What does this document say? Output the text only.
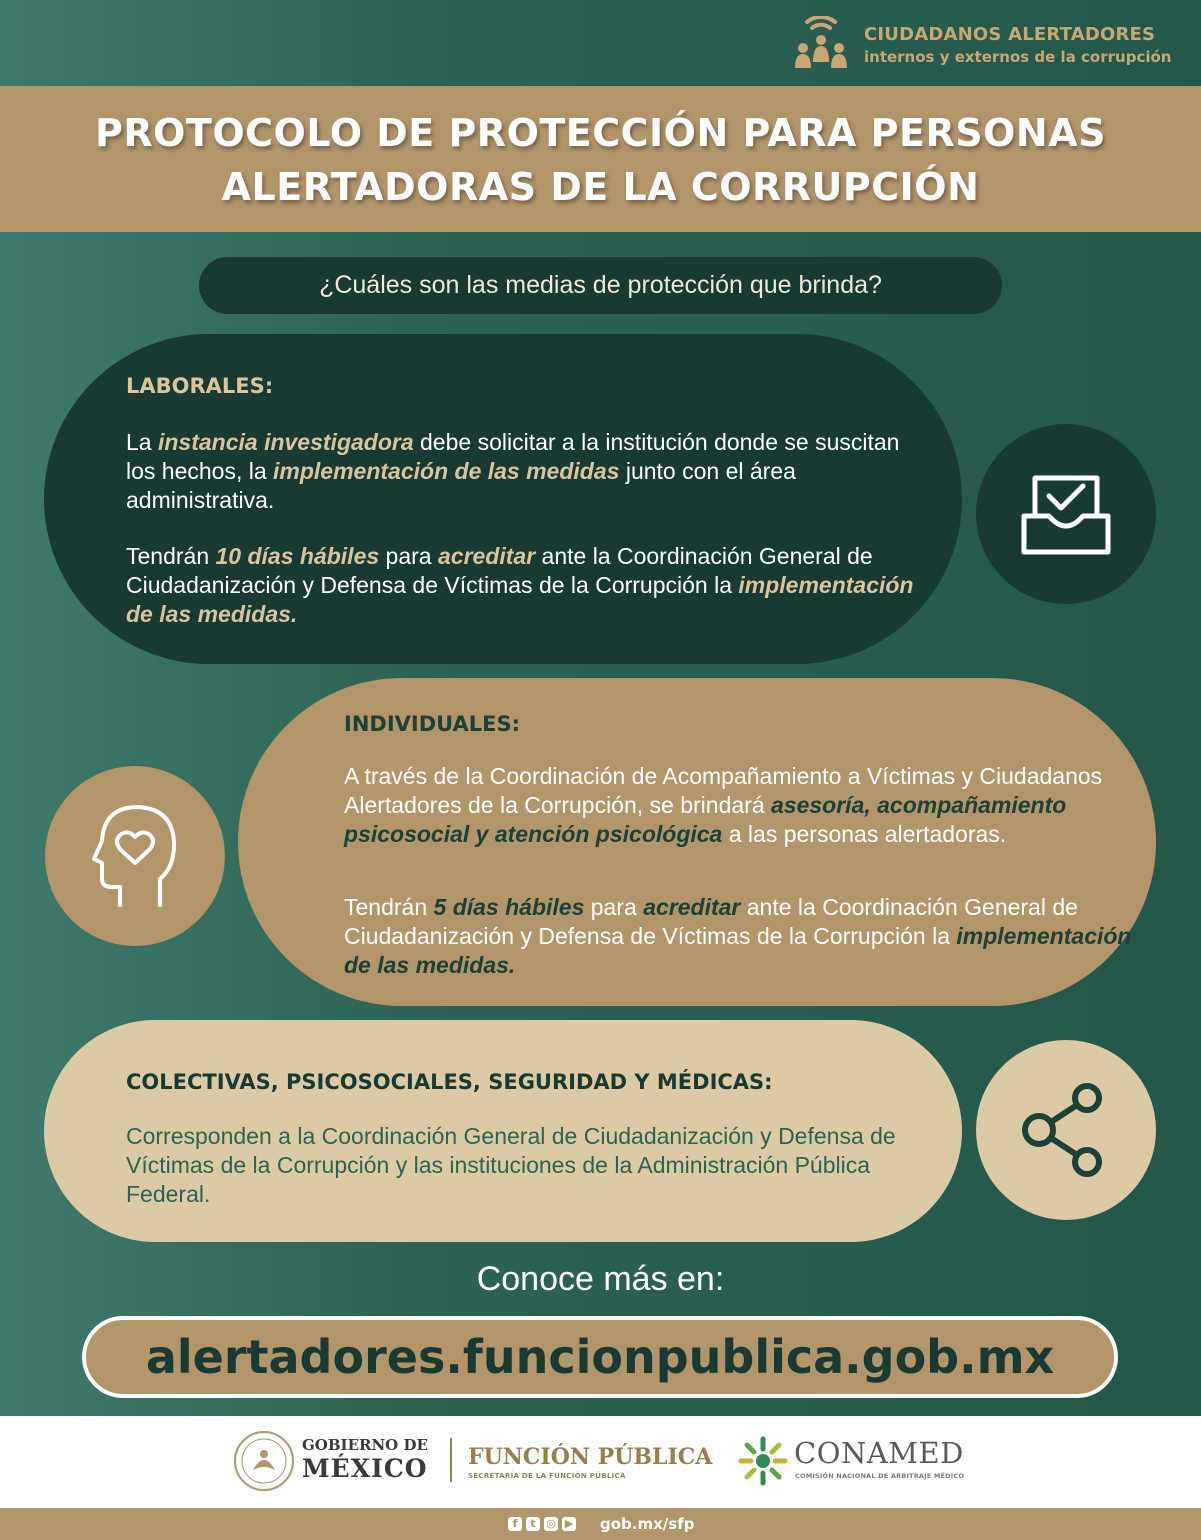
CIUDADANOS ALERTADORES
internos y externos de la corrupción
PROTOCOLO DE PROTECCIÓN PARA PERSONAS
ALERTADORAS DE LA CORRUPCIÓN
¿Cuáles son las medias de protección que brinda?
LABORALES:
La instancia investigadora debe solicitar a la institución donde se suscitan los hechos, la implementación de las medidas junto con el área administrativa.
Tendrán 10 días hábiles para acreditar ante la Coordinación General de Ciudadanización y Defensa de Víctimas de la Corrupción la implementación de las medidas.
INDIVIDUALES:
A través de la Coordinación de Acompañamiento a Víctimas y Ciudadanos Alertadores de la Corrupción, se brindará asesoría, acompañamiento psicosocial y atención psicológica a las personas alertadoras.
Tendrán 5 días hábiles para acreditar ante la Coordinación General de Ciudadanización y Defensa de Víctimas de la Corrupción la implementación de las medidas.
COLECTIVAS, PSICOSOCIALES, SEGURIDAD Y MÉDICAS:
Corresponden a la Coordinación General de Ciudadanización y Defensa de Víctimas de la Corrupción y las instituciones de la Administración Pública Federal.
Conoce más en:
alertadores.funcionpublica.gob.mx
GOBIERNO DE
MÉXICO FUNCIÓN PÚBLICA
SECRETARÍA DE LA FUNCIÓN PÚBLICA
CONAMED
COMISIÓN NACIONAL DE ARBITRAJE MÉDICO
f	t ◎ ▶ gob.mx/sfp
